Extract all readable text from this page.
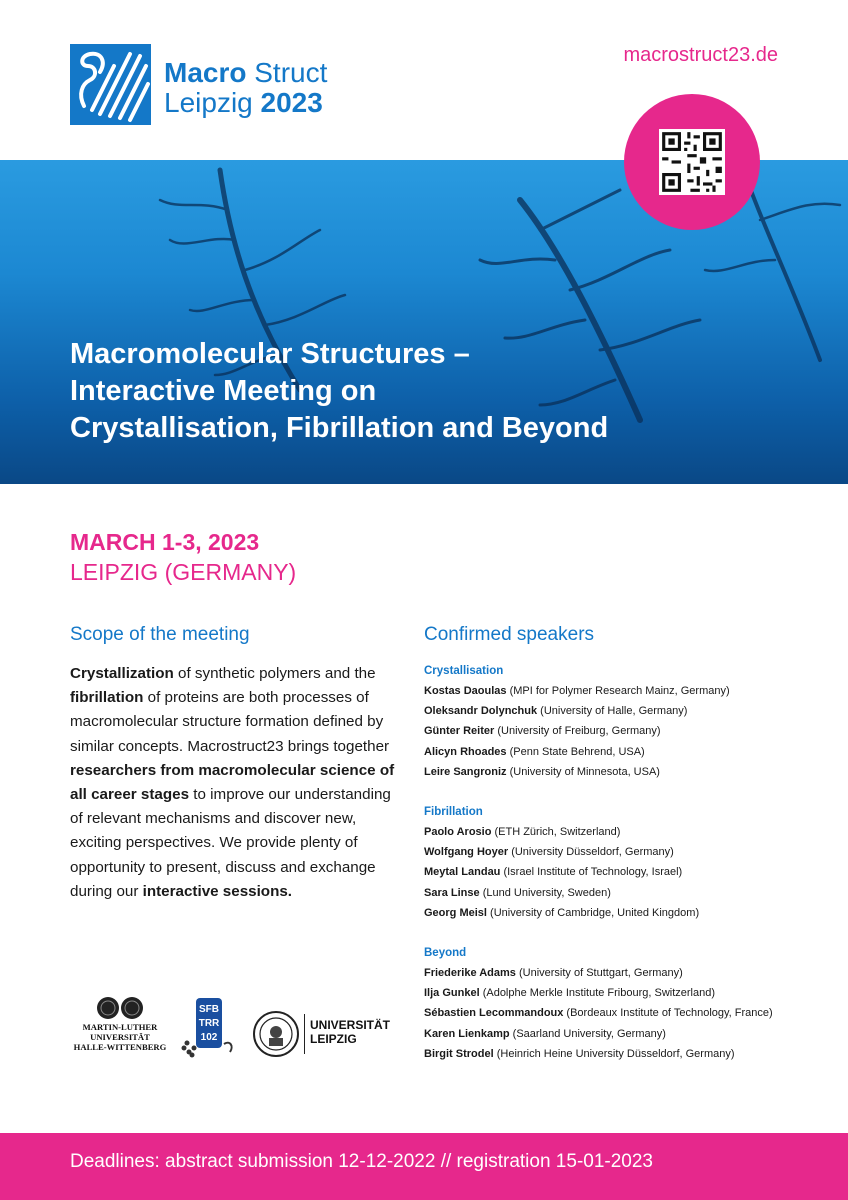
Macro Struct
Leipzig 2023
macrostruct23.de
Macromolecular Structures –
Interactive Meeting on
Crystallisation, Fibrillation and Beyond
MARCH 1-3, 2023
LEIPZIG (GERMANY)
Scope of the meeting
Crystallization of synthetic polymers and the fibrillation of proteins are both processes of macromolecular structure formation defined by similar concepts. Macrostruct23 brings together researchers from macromolecular science of all career stages to improve our understanding of relevant mechanisms and discover new, exciting perspectives. We provide plenty of opportunity to present, discuss and exchange during our interactive sessions.
Confirmed speakers
Crystallisation
Kostas Daoulas (MPI for Polymer Research Mainz, Germany)
Oleksandr Dolynchuk (University of Halle, Germany)
Günter Reiter (University of Freiburg, Germany)
Alicyn Rhoades (Penn State Behrend, USA)
Leire Sangroniz (University of Minnesota, USA)
Fibrillation
Paolo Arosio (ETH Zürich, Switzerland)
Wolfgang Hoyer (University Düsseldorf, Germany)
Meytal Landau (Israel Institute of Technology, Israel)
Sara Linse (Lund University, Sweden)
Georg Meisl (University of Cambridge, United Kingdom)
Beyond
Friederike Adams (University of Stuttgart, Germany)
Ilja Gunkel (Adolphe Merkle Institute Fribourg, Switzerland)
Sébastien Lecommandoux (Bordeaux Institute of Technology, France)
Karen Lienkamp (Saarland University, Germany)
Birgit Strodel (Heinrich Heine University Düsseldorf, Germany)
MARTIN-LUTHER
UNIVERSITÄT
HALLE-WITTENBERG
SFB
TRR
102
UNIVERSITÄT
LEIPZIG
Deadlines: abstract submission 12-12-2022 // registration 15-01-2023
